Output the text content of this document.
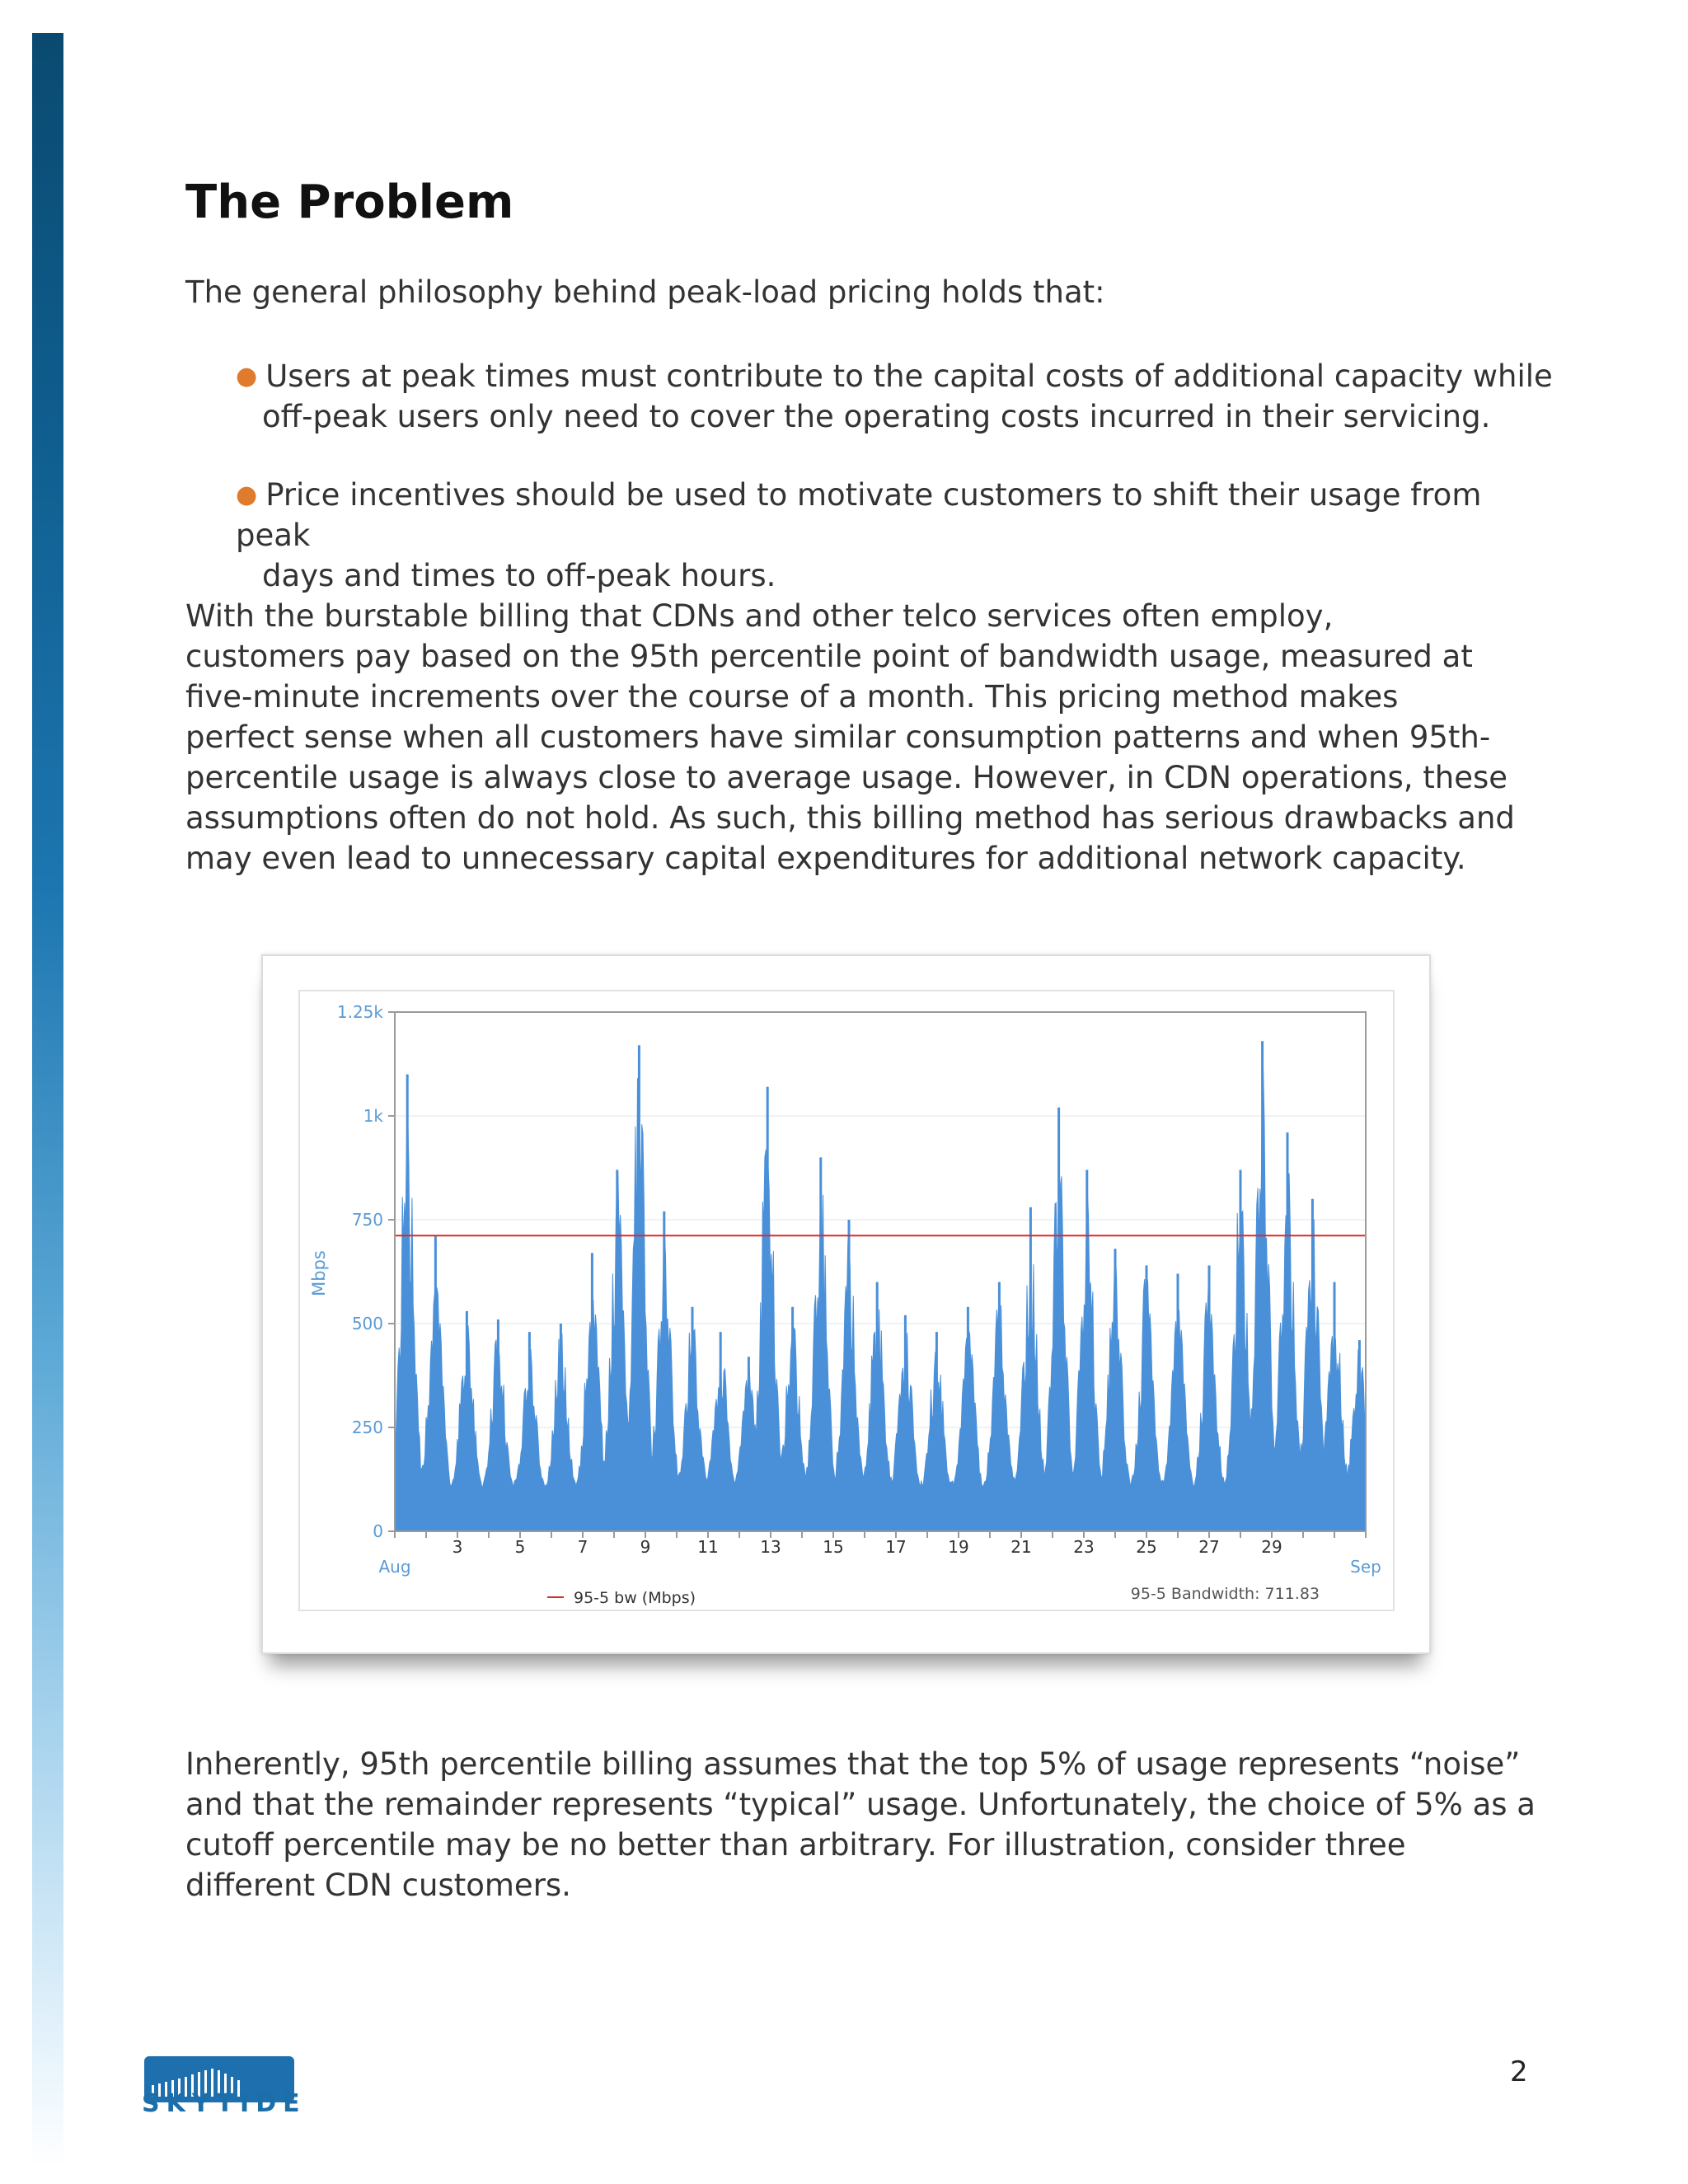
The Problem

The general philosophy behind peak-load pricing holds that:

● Users at peak times must contribute to the capital costs of additional capacity while
off-peak users only need to cover the operating costs incurred in their servicing.
● Price incentives should be used to motivate customers to shift their usage from peak
days and times to off-peak hours.
With the burstable billing that CDNs and other telco services often employ,
customers pay based on the 95th percentile point of bandwidth usage, measured at
five-minute increments over the course of a month. This pricing method makes
perfect sense when all customers have similar consumption patterns and when 95th-
percentile usage is always close to average usage. However, in CDN operations, these
assumptions often do not hold. As such, this billing method has serious drawbacks and
may even lead to unnecessary capital expenditures for additional network capacity.
0
250
500
750
1k
1.25k
3	5	7	9	11	13	15	17	19	21	23	25	27	29
Mbps
Aug	Sep
95-5 bw (Mbps)	95-5 Bandwidth: 711.83
Inherently, 95th percentile billing assumes that the top 5% of usage represents “noise”
and that the remainder represents “typical” usage. Unfortunately, the choice of 5% as a
cutoff percentile may be no better than arbitrary. For illustration, consider three
different CDN customers.
SKYTIDE
2
